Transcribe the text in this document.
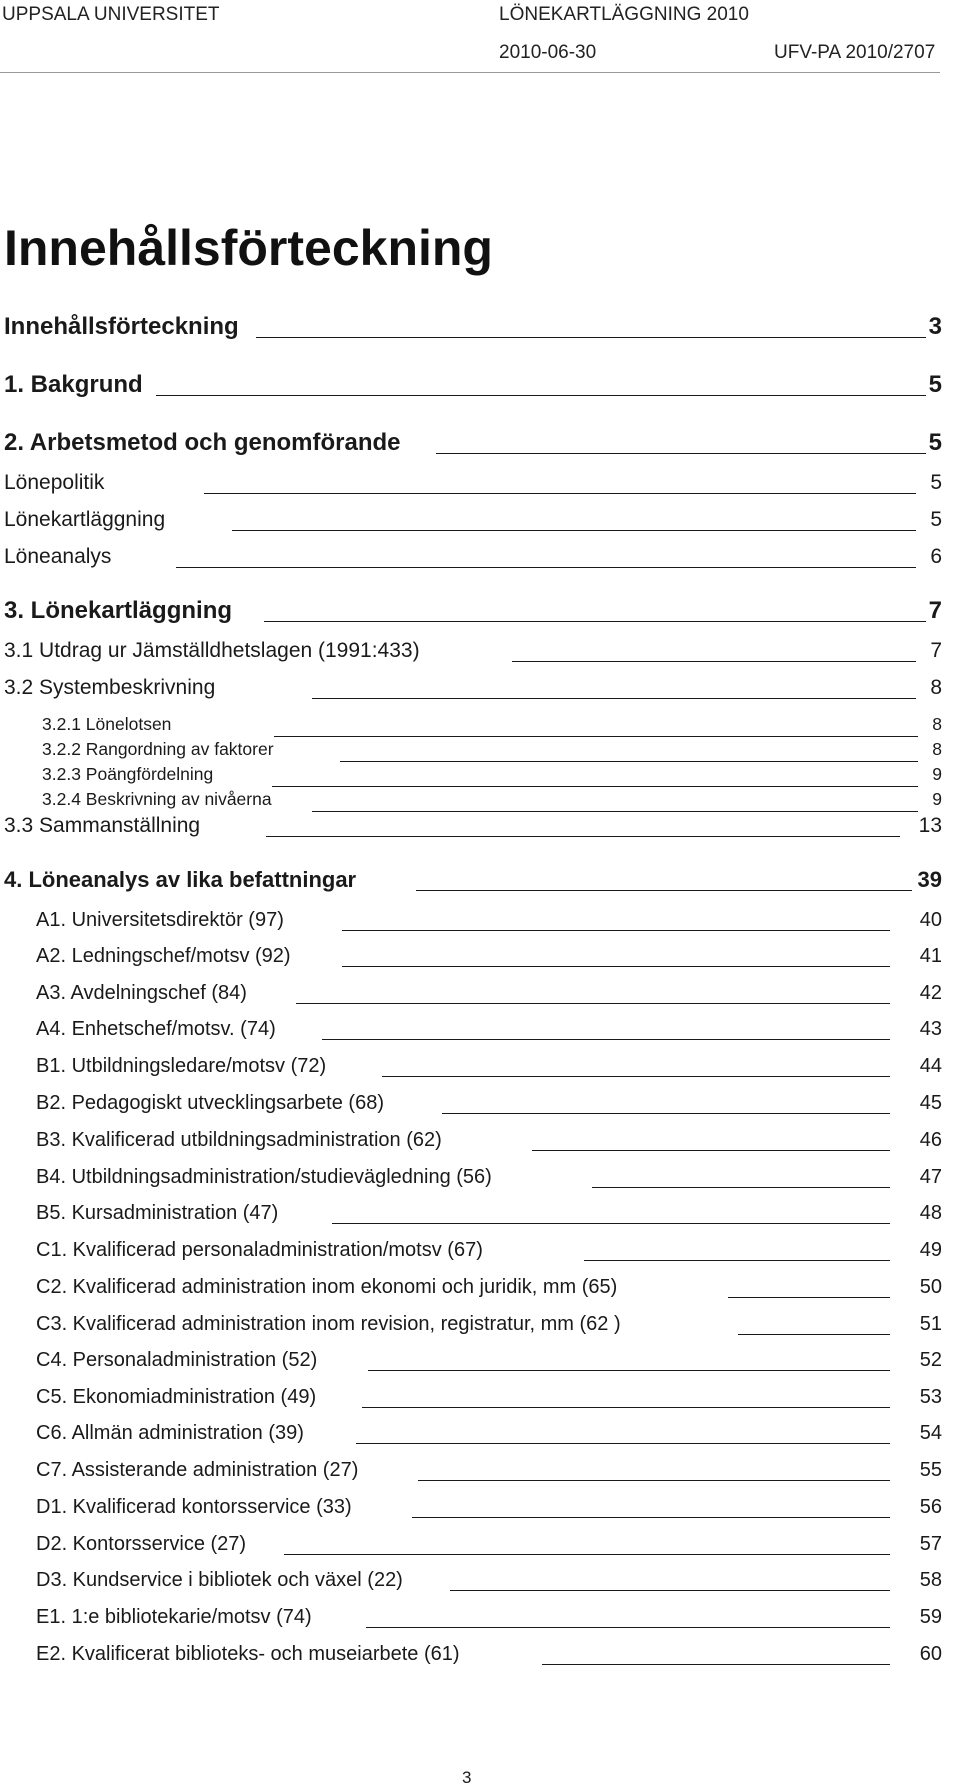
UPPSALA UNIVERSITET	LÖNEKARTLÄGGNING 2010
2010-06-30	UFV-PA 2010/2707
Innehållsförteckning
Innehållsförteckning	3
1. Bakgrund	5
2. Arbetsmetod och genomförande	5
Lönepolitik	5
Lönekartläggning	5
Löneanalys	6
3. Lönekartläggning	7
3.1 Utdrag ur Jämställdhetslagen (1991:433)	7
3.2 Systembeskrivning	8
3.2.1 Lönelotsen	8
3.2.2 Rangordning av faktorer	8
3.2.3 Poängfördelning	9
3.2.4 Beskrivning av nivåerna	9
3.3 Sammanställning	13
4. Löneanalys av lika befattningar	39
A1. Universitetsdirektör (97)	40
A2. Ledningschef/motsv (92)	41
A3. Avdelningschef (84)	42
A4. Enhetschef/motsv. (74)	43
B1. Utbildningsledare/motsv (72)	44
B2. Pedagogiskt utvecklingsarbete (68)	45
B3. Kvalificerad utbildningsadministration (62)	46
B4. Utbildningsadministration/studievägledning (56)	47
B5. Kursadministration (47)	48
C1. Kvalificerad personaladministration/motsv (67)	49
C2. Kvalificerad administration inom ekonomi och juridik, mm (65)	50
C3. Kvalificerad administration inom revision, registratur, mm (62 )	51
C4. Personaladministration (52)	52
C5. Ekonomiadministration (49)	53
C6. Allmän administration (39)	54
C7. Assisterande administration (27)	55
D1. Kvalificerad kontorsservice (33)	56
D2. Kontorsservice (27)	57
D3. Kundservice i bibliotek och växel (22)	58
E1. 1:e bibliotekarie/motsv (74)	59
E2. Kvalificerat biblioteks- och museiarbete (61)	60
3
